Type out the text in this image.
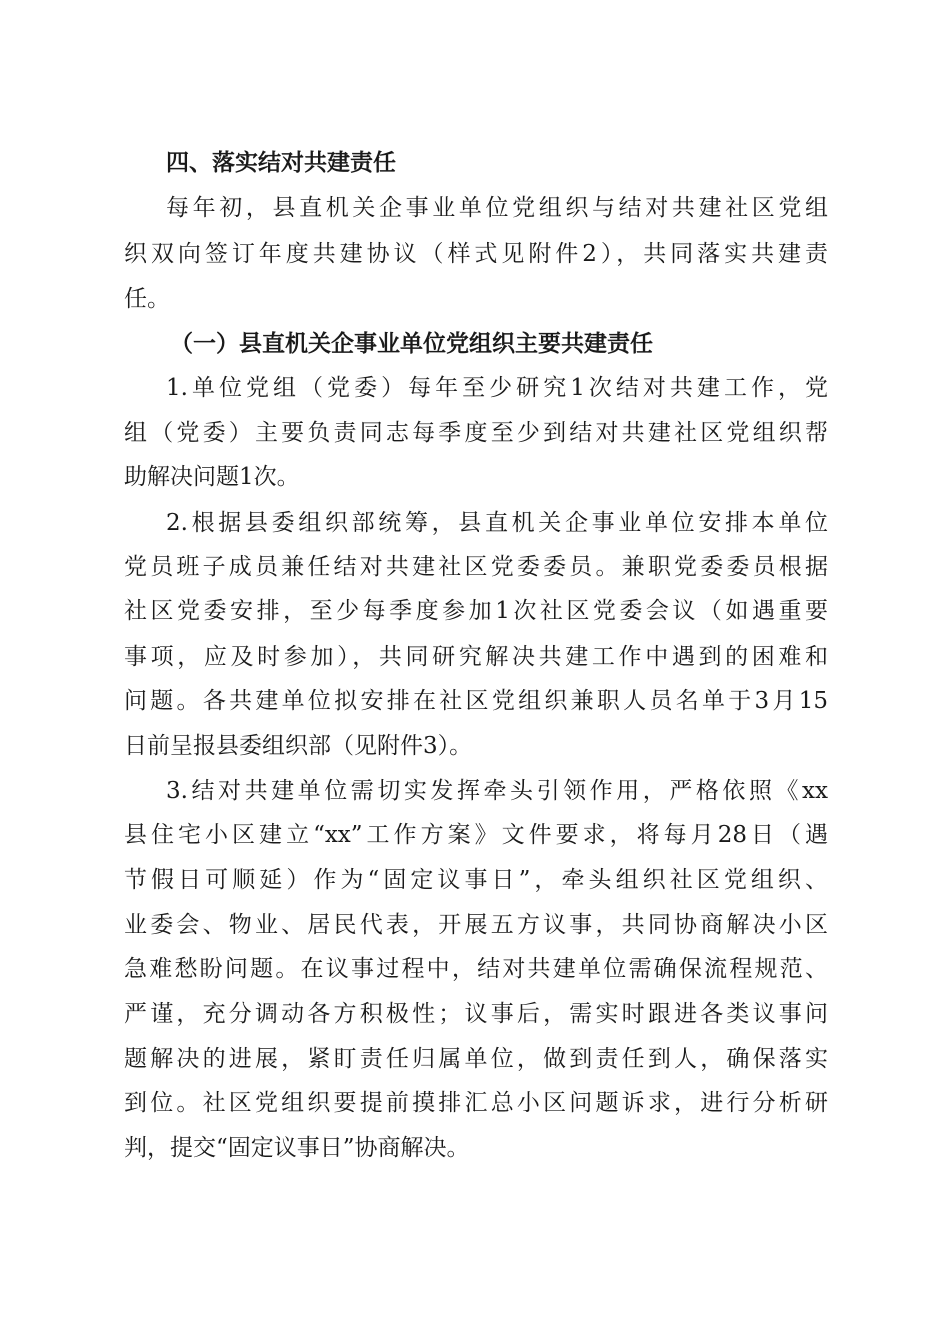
四、落实结对共建责任
每年初，县直机关企事业单位党组织与结对共建社区党组
织双向签订年度共建协议（样式见附件2），共同落实共建责
任。
（一）县直机关企事业单位党组织主要共建责任
1.单位党组（党委）每年至少研究1次结对共建工作，党
组（党委）主要负责同志每季度至少到结对共建社区党组织帮
助解决问题1次。
2.根据县委组织部统筹，县直机关企事业单位安排本单位
党员班子成员兼任结对共建社区党委委员。兼职党委委员根据
社区党委安排，至少每季度参加1次社区党委会议（如遇重要
事项，应及时参加），共同研究解决共建工作中遇到的困难和
问题。各共建单位拟安排在社区党组织兼职人员名单于3月15
日前呈报县委组织部（见附件3）。
3.结对共建单位需切实发挥牵头引领作用，严格依照《xx
县住宅小区建立“xx”工作方案》文件要求，将每月28日（遇
节假日可顺延）作为“固定议事日”，牵头组织社区党组织、
业委会、物业、居民代表，开展五方议事，共同协商解决小区
急难愁盼问题。在议事过程中，结对共建单位需确保流程规范、
严谨，充分调动各方积极性；议事后，需实时跟进各类议事问
题解决的进展，紧盯责任归属单位，做到责任到人，确保落实
到位。社区党组织要提前摸排汇总小区问题诉求，进行分析研
判，提交“固定议事日”协商解决。
